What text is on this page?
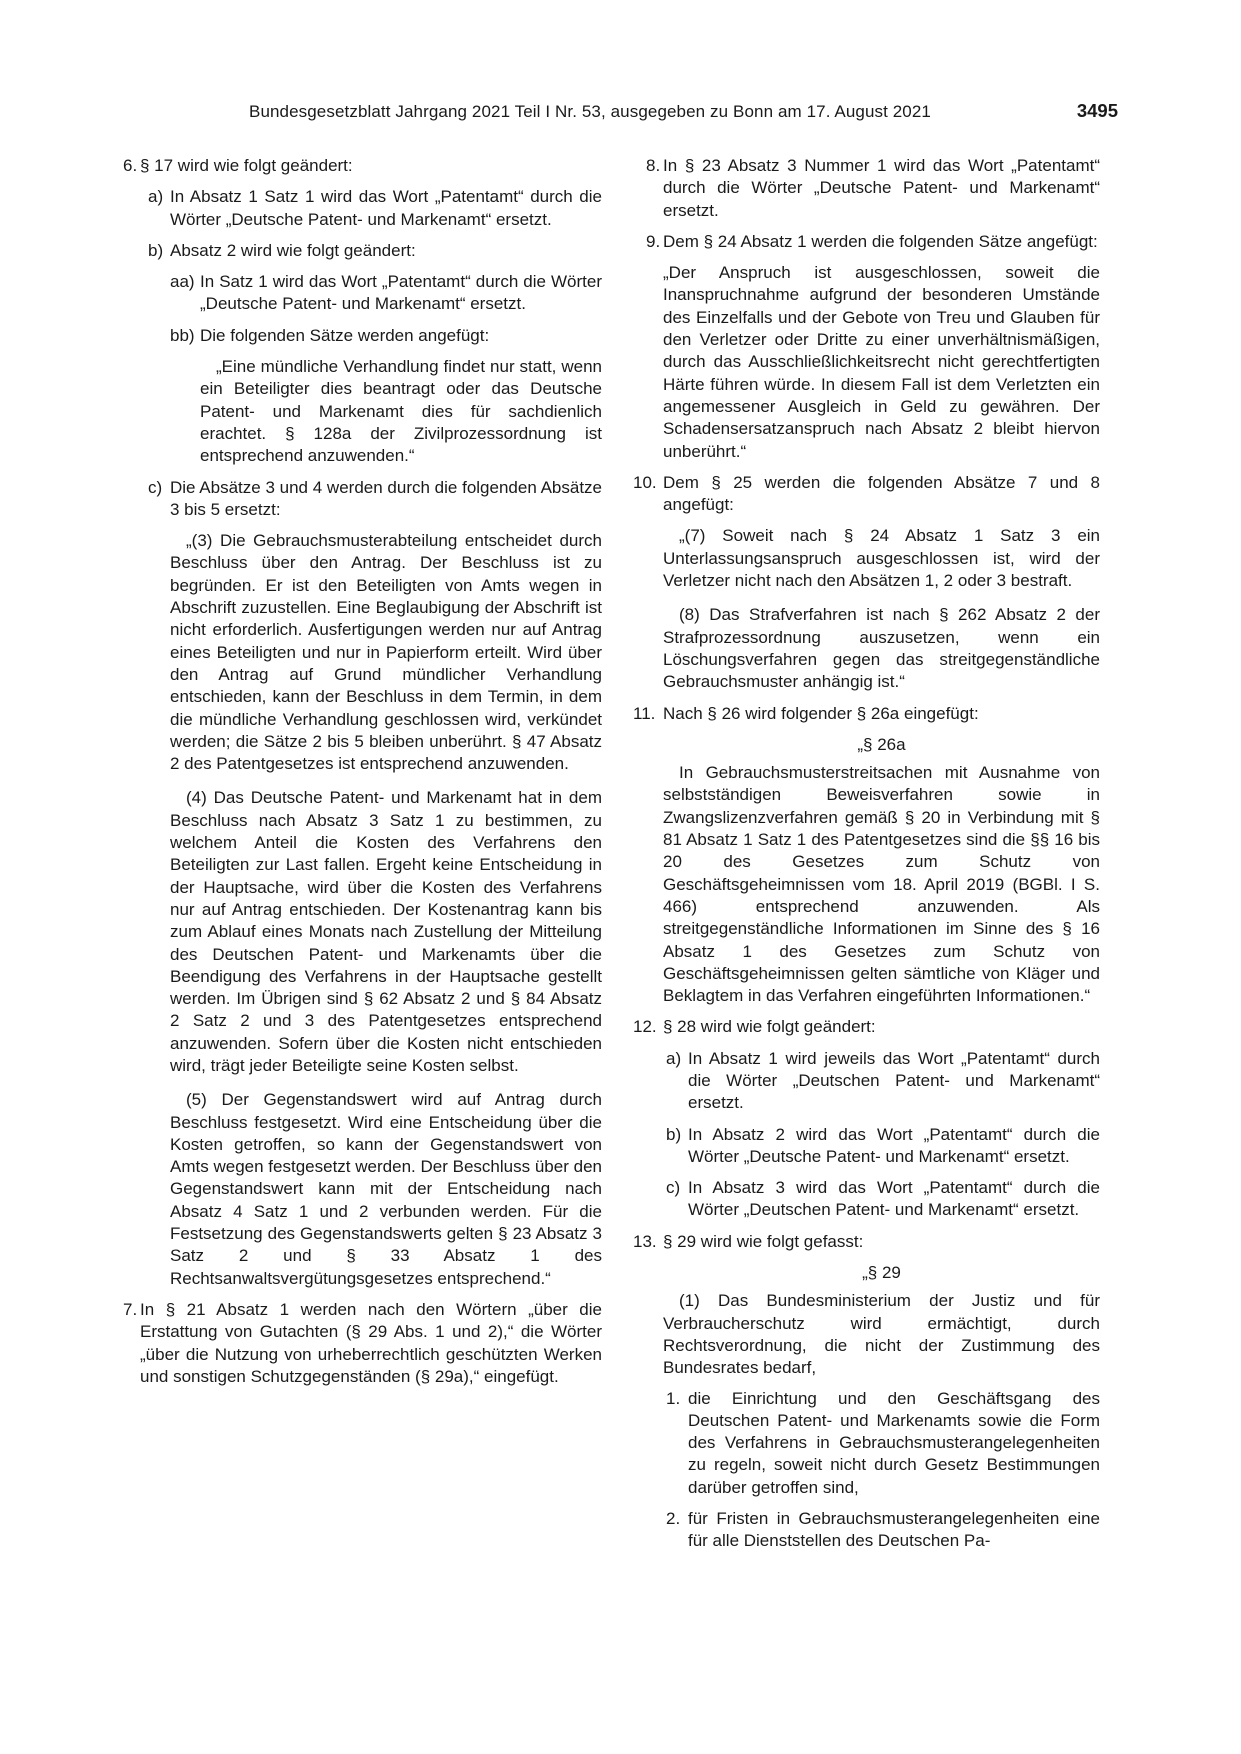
Bundesgesetzblatt Jahrgang 2021 Teil I Nr. 53, ausgegeben zu Bonn am 17. August 2021	3495
6. § 17 wird wie folgt geändert:
a) In Absatz 1 Satz 1 wird das Wort „Patentamt“ durch die Wörter „Deutsche Patent- und Markenamt“ ersetzt.
b) Absatz 2 wird wie folgt geändert:
aa) In Satz 1 wird das Wort „Patentamt“ durch die Wörter „Deutsche Patent- und Markenamt“ ersetzt.
bb) Die folgenden Sätze werden angefügt:

„Eine mündliche Verhandlung findet nur statt, wenn ein Beteiligter dies beantragt oder das Deutsche Patent- und Markenamt dies für sachdienlich erachtet. § 128a der Zivilprozessordnung ist entsprechend anzuwenden.“

c) Die Absätze 3 und 4 werden durch die folgenden Absätze 3 bis 5 ersetzt:

„(3) Die Gebrauchsmusterabteilung entscheidet durch Beschluss über den Antrag. Der Beschluss ist zu begründen. Er ist den Beteiligten von Amts wegen in Abschrift zuzustellen. Eine Beglaubigung der Abschrift ist nicht erforderlich. Ausfertigungen werden nur auf Antrag eines Beteiligten und nur in Papierform erteilt. Wird über den Antrag auf Grund mündlicher Verhandlung entschieden, kann der Beschluss in dem Termin, in dem die mündliche Verhandlung geschlossen wird, verkündet werden; die Sätze 2 bis 5 bleiben unberührt. § 47 Absatz 2 des Patentgesetzes ist entsprechend anzuwenden.

(4) Das Deutsche Patent- und Markenamt hat in dem Beschluss nach Absatz 3 Satz 1 zu bestimmen, zu welchem Anteil die Kosten des Verfahrens den Beteiligten zur Last fallen. Ergeht keine Entscheidung in der Hauptsache, wird über die Kosten des Verfahrens nur auf Antrag entschieden. Der Kostenantrag kann bis zum Ablauf eines Monats nach Zustellung der Mitteilung des Deutschen Patent- und Markenamts über die Beendigung des Verfahrens in der Hauptsache gestellt werden. Im Übrigen sind § 62 Absatz 2 und § 84 Absatz 2 Satz 2 und 3 des Patentgesetzes entsprechend anzuwenden. Sofern über die Kosten nicht entschieden wird, trägt jeder Beteiligte seine Kosten selbst.

(5) Der Gegenstandswert wird auf Antrag durch Beschluss festgesetzt. Wird eine Entscheidung über die Kosten getroffen, so kann der Gegenstandswert von Amts wegen festgesetzt werden. Der Beschluss über den Gegenstandswert kann mit der Entscheidung nach Absatz 4 Satz 1 und 2 verbunden werden. Für die Festsetzung des Gegenstandswerts gelten § 23 Absatz 3 Satz 2 und § 33 Absatz 1 des Rechtsanwaltsvergütungsgesetzes entsprechend.“

7. In § 21 Absatz 1 werden nach den Wörtern „über die Erstattung von Gutachten (§ 29 Abs. 1 und 2),“ die Wörter „über die Nutzung von urheberrechtlich geschützten Werken und sonstigen Schutzgegenständen (§ 29a),“ eingefügt.
8. In § 23 Absatz 3 Nummer 1 wird das Wort „Patentamt“ durch die Wörter „Deutsche Patent- und Markenamt“ ersetzt.
9. Dem § 24 Absatz 1 werden die folgenden Sätze angefügt:

„Der Anspruch ist ausgeschlossen, soweit die Inanspruchnahme aufgrund der besonderen Umstände des Einzelfalls und der Gebote von Treu und Glauben für den Verletzer oder Dritte zu einer unverhältnismäßigen, durch das Ausschließlichkeitsrecht nicht gerechtfertigten Härte führen würde. In diesem Fall ist dem Verletzten ein angemessener Ausgleich in Geld zu gewähren. Der Schadensersatzanspruch nach Absatz 2 bleibt hiervon unberührt.“

10. Dem § 25 werden die folgenden Absätze 7 und 8 angefügt:

„(7) Soweit nach § 24 Absatz 1 Satz 3 ein Unterlassungsanspruch ausgeschlossen ist, wird der Verletzer nicht nach den Absätzen 1, 2 oder 3 bestraft.

(8) Das Strafverfahren ist nach § 262 Absatz 2 der Strafprozessordnung auszusetzen, wenn ein Löschungsverfahren gegen das streitgegenständliche Gebrauchsmuster anhängig ist.“

11. Nach § 26 wird folgender § 26a eingefügt:
„§ 26a

In Gebrauchsmusterstreitsachen mit Ausnahme von selbstständigen Beweisverfahren sowie in Zwangslizenzverfahren gemäß § 20 in Verbindung mit § 81 Absatz 1 Satz 1 des Patentgesetzes sind die §§ 16 bis 20 des Gesetzes zum Schutz von Geschäftsgeheimnissen vom 18. April 2019 (BGBl. I S. 466) entsprechend anzuwenden. Als streitgegenständliche Informationen im Sinne des § 16 Absatz 1 des Gesetzes zum Schutz von Geschäftsgeheimnissen gelten sämtliche von Kläger und Beklagtem in das Verfahren eingeführten Informationen.“

12. § 28 wird wie folgt geändert:
a) In Absatz 1 wird jeweils das Wort „Patentamt“ durch die Wörter „Deutschen Patent- und Markenamt“ ersetzt.
b) In Absatz 2 wird das Wort „Patentamt“ durch die Wörter „Deutsche Patent- und Markenamt“ ersetzt.
c) In Absatz 3 wird das Wort „Patentamt“ durch die Wörter „Deutschen Patent- und Markenamt“ ersetzt.
13. § 29 wird wie folgt gefasst:
„§ 29

(1) Das Bundesministerium der Justiz und für Verbraucherschutz wird ermächtigt, durch Rechtsverordnung, die nicht der Zustimmung des Bundesrates bedarf,

1. die Einrichtung und den Geschäftsgang des Deutschen Patent- und Markenamts sowie die Form des Verfahrens in Gebrauchsmusterangelegenheiten zu regeln, soweit nicht durch Gesetz Bestimmungen darüber getroffen sind,
2. für Fristen in Gebrauchsmusterangelegenheiten eine für alle Dienststellen des Deutschen Pa-
